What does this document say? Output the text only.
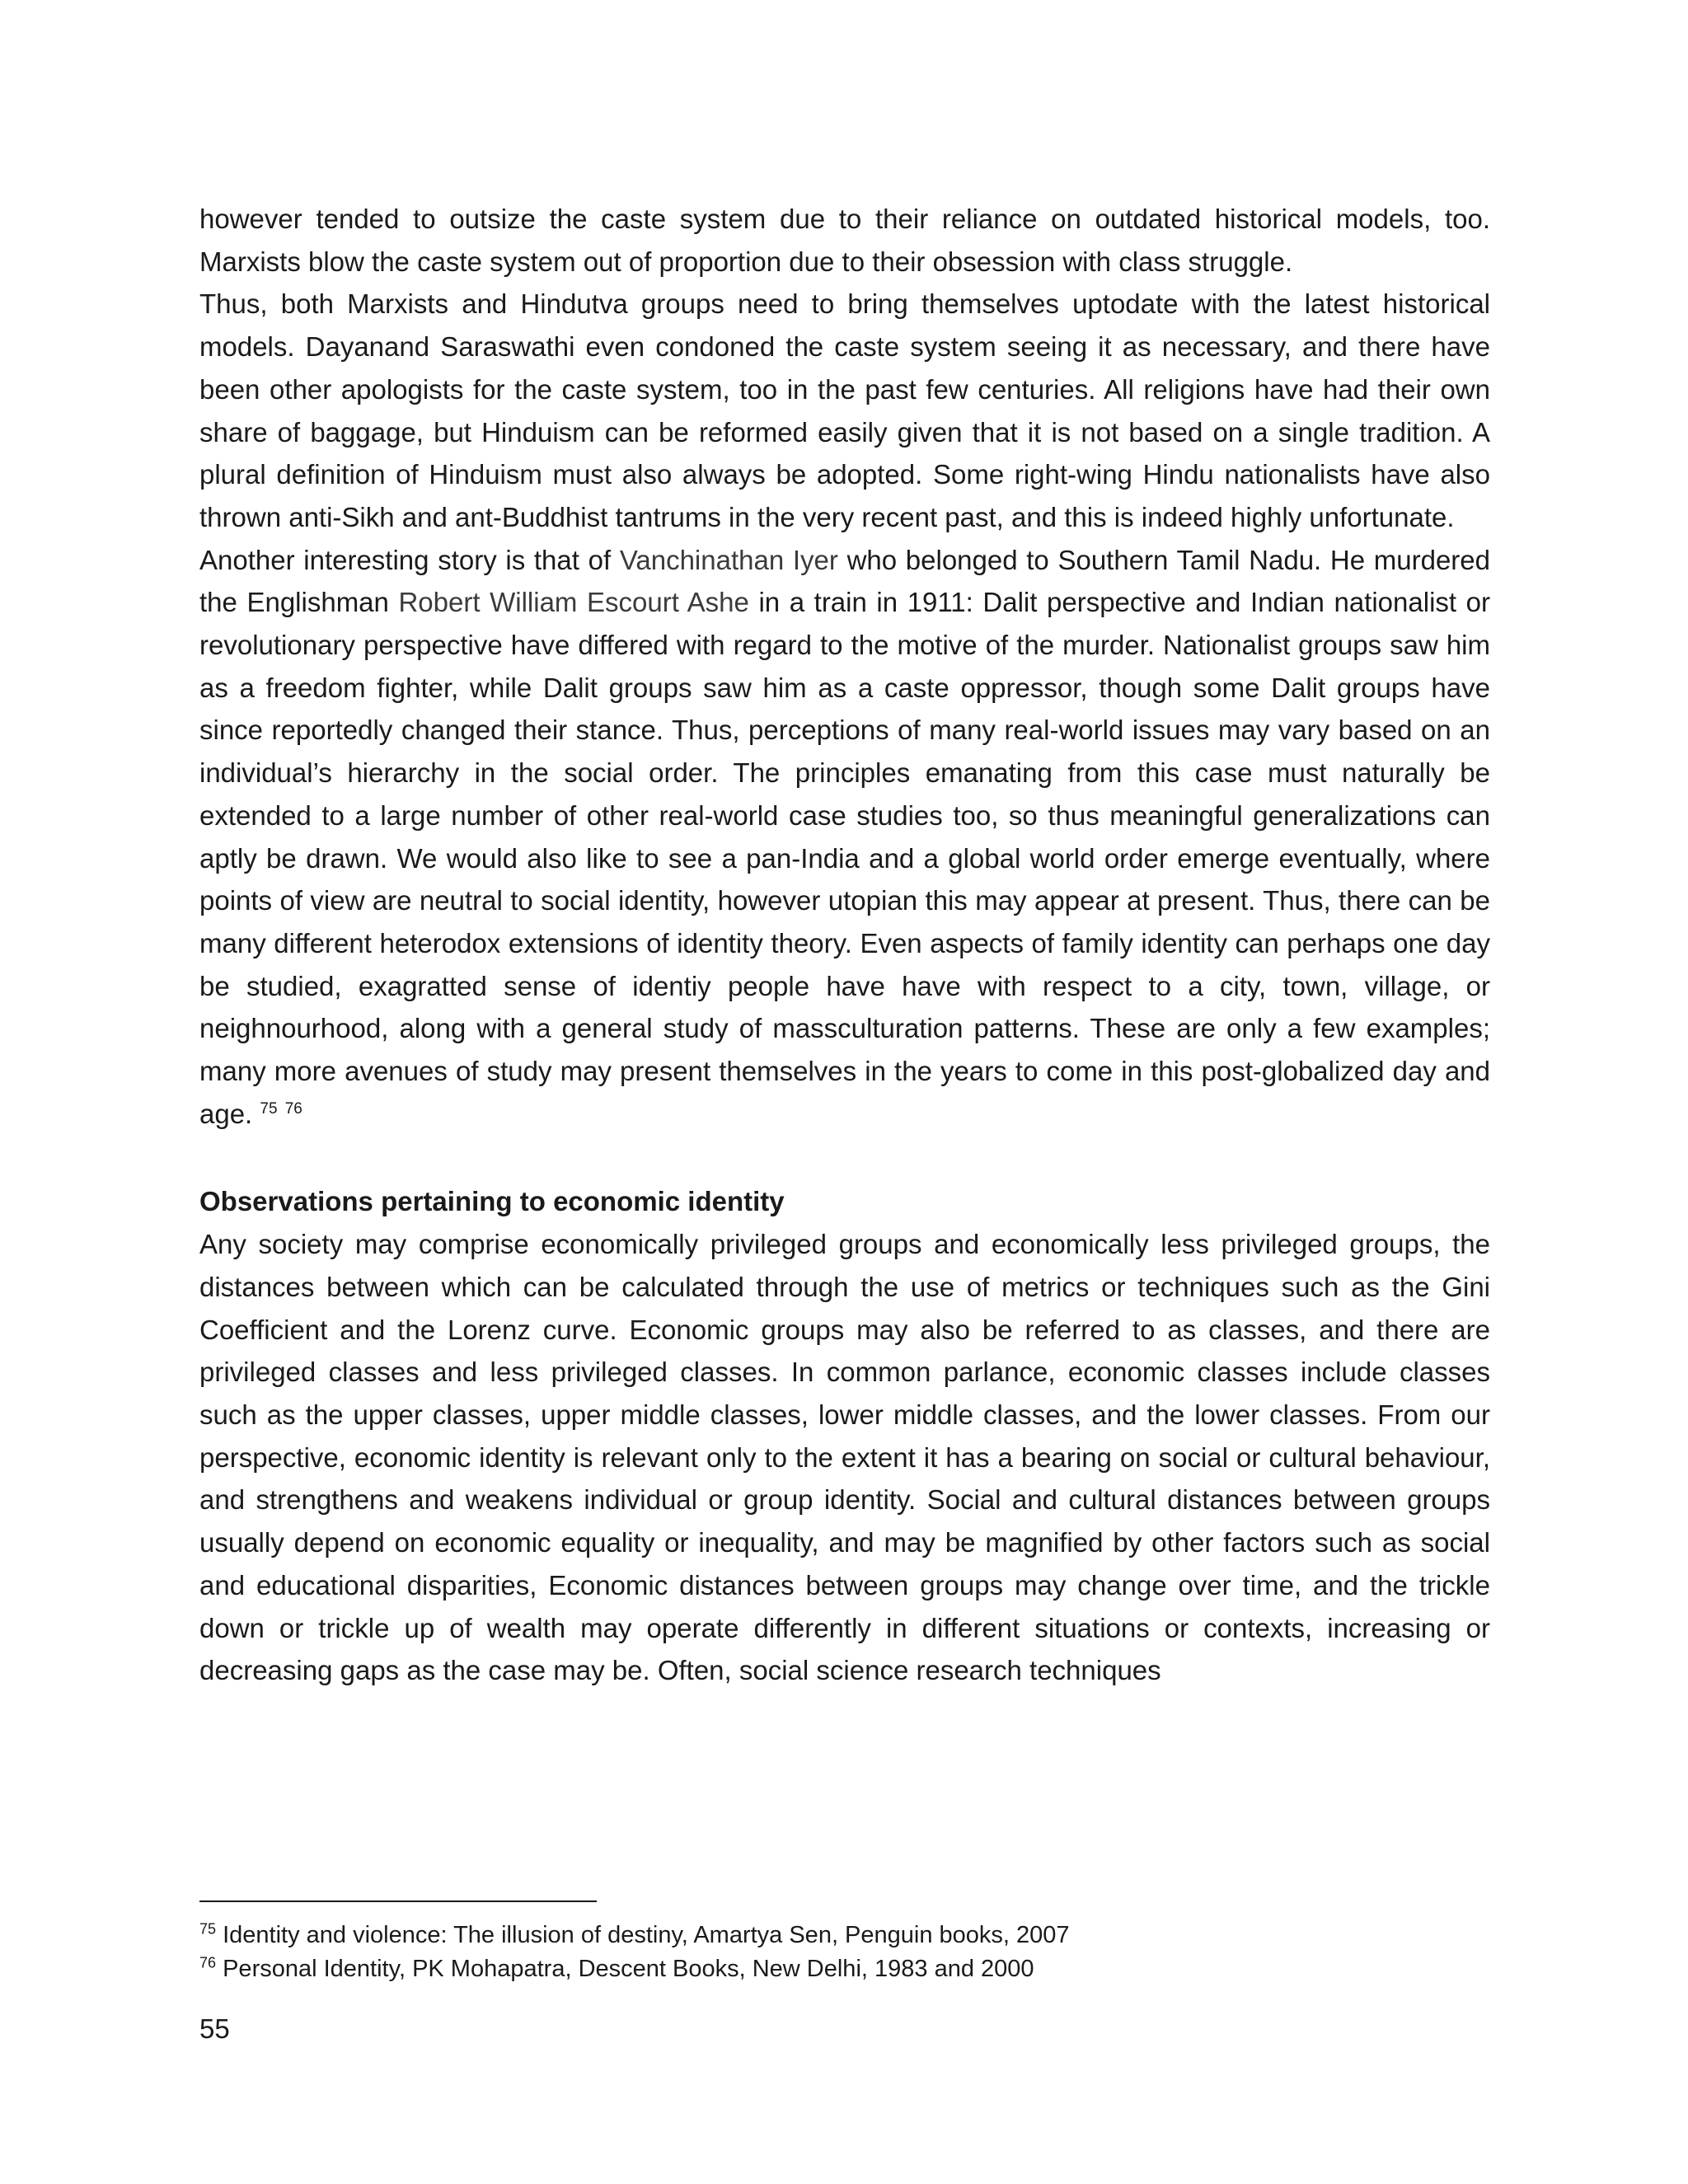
however tended to outsize the caste system due to their reliance on outdated historical models, too. Marxists blow the caste system out of proportion due to their obsession with class struggle.

Thus, both Marxists and Hindutva groups need to bring themselves uptodate with the latest historical models. Dayanand Saraswathi even condoned the caste system seeing it as necessary, and there have been other apologists for the caste system, too in the past few centuries. All religions have had their own share of baggage, but Hinduism can be reformed easily given that it is not based on a single tradition. A plural definition of Hinduism must also always be adopted. Some right-wing Hindu nationalists have also thrown anti-Sikh and ant-Buddhist tantrums in the very recent past, and this is indeed highly unfortunate.

Another interesting story is that of Vanchinathan Iyer who belonged to Southern Tamil Nadu. He murdered the Englishman Robert William Escourt Ashe in a train in 1911: Dalit perspective and Indian nationalist or revolutionary perspective have differed with regard to the motive of the murder. Nationalist groups saw him as a freedom fighter, while Dalit groups saw him as a caste oppressor, though some Dalit groups have since reportedly changed their stance. Thus, perceptions of many real-world issues may vary based on an individual’s hierarchy in the social order. The principles emanating from this case must naturally be extended to a large number of other real-world case studies too, so thus meaningful generalizations can aptly be drawn. We would also like to see a pan-India and a global world order emerge eventually, where points of view are neutral to social identity, however utopian this may appear at present. Thus, there can be many different heterodox extensions of identity theory. Even aspects of family identity can perhaps one day be studied, exagratted sense of identiy people have have with respect to a city, town, village, or neighnourhood, along with a general study of massculturation patterns. These are only a few examples; many more avenues of study may present themselves in the years to come in this post-globalized day and age. $^{75}$ $^{76}$

Observations pertaining to economic identity

Any society may comprise economically privileged groups and economically less privileged groups, the distances between which can be calculated through the use of metrics or techniques such as the Gini Coefficient and the Lorenz curve. Economic groups may also be referred to as classes, and there are privileged classes and less privileged classes. In common parlance, economic classes include classes such as the upper classes, upper middle classes, lower middle classes, and the lower classes. From our perspective, economic identity is relevant only to the extent it has a bearing on social or cultural behaviour, and strengthens and weakens individual or group identity. Social and cultural distances between groups usually depend on economic equality or inequality, and may be magnified by other factors such as social and educational disparities, Economic distances between groups may change over time, and the trickle down or trickle up of wealth may operate differently in different situations or contexts, increasing or decreasing gaps as the case may be. Often, social science research techniques

$^{75}$ Identity and violence: The illusion of destiny, Amartya Sen, Penguin books, 2007

$^{76}$ Personal Identity, PK Mohapatra, Descent Books, New Delhi, 1983 and 2000

55
